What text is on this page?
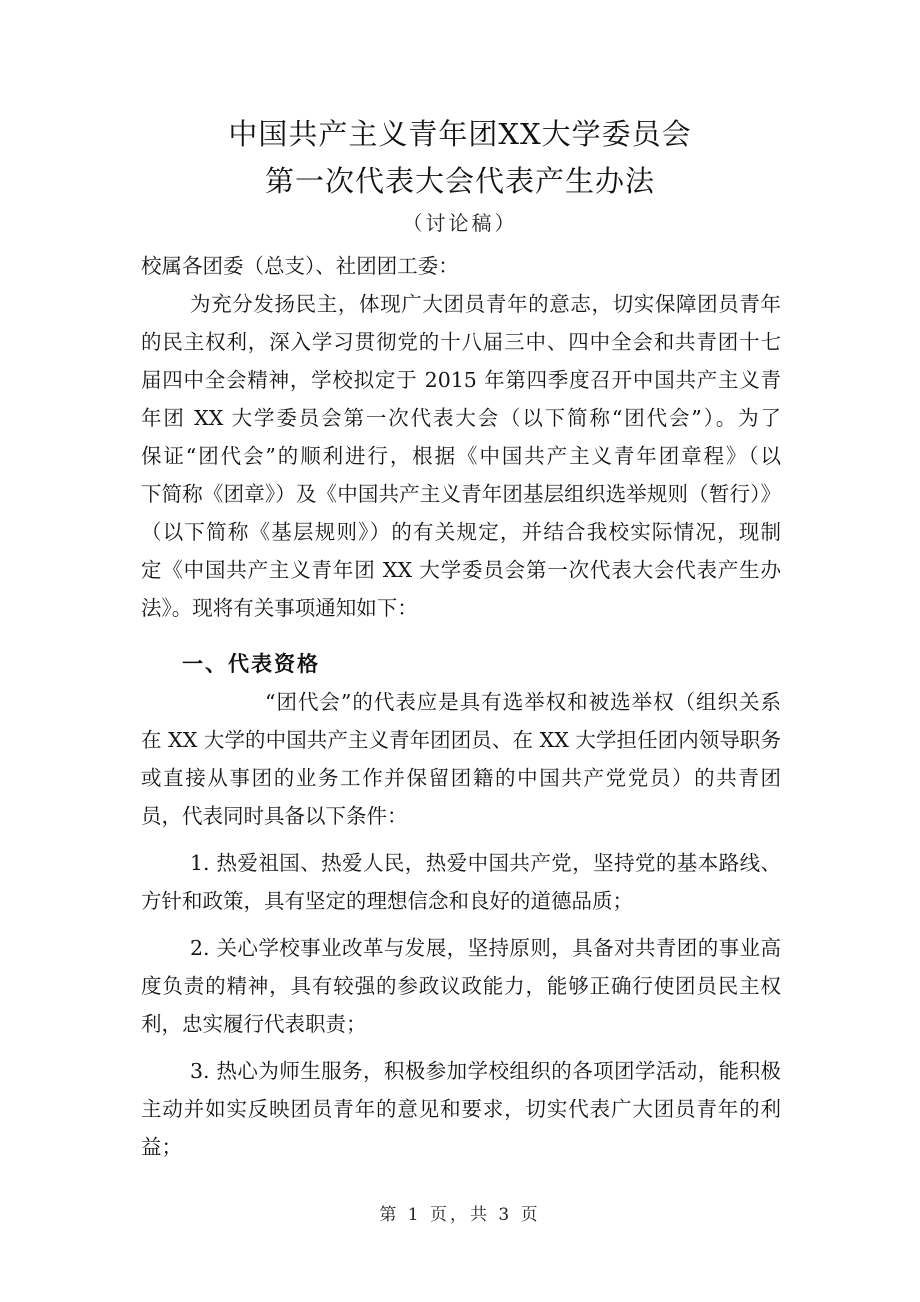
中国共产主义青年团XX大学委员会
第一次代表大会代表产生办法
（讨论稿）
校属各团委（总支）、社团团工委：
为充分发扬民主，体现广大团员青年的意志，切实保障团员青年
的民主权利，深入学习贯彻党的十八届三中、四中全会和共青团十七
届四中全会精神，学校拟定于 2015 年第四季度召开中国共产主义青
年团 XX 大学委员会第一次代表大会（以下简称“团代会”）。为了
保证“团代会”的顺利进行，根据《中国共产主义青年团章程》（以
下简称《团章》）及《中国共产主义青年团基层组织选举规则（暂行）》
（以下简称《基层规则》）的有关规定，并结合我校实际情况，现制
定《中国共产主义青年团 XX 大学委员会第一次代表大会代表产生办
法》。现将有关事项通知如下：
一、代表资格
“团代会”的代表应是具有选举权和被选举权（组织关系
在 XX 大学的中国共产主义青年团团员、在 XX 大学担任团内领导职务
或直接从事团的业务工作并保留团籍的中国共产党党员）的共青团
员，代表同时具备以下条件：
1. 热爱祖国、热爱人民，热爱中国共产党，坚持党的基本路线、
方针和政策，具有坚定的理想信念和良好的道德品质；
2. 关心学校事业改革与发展，坚持原则，具备对共青团的事业高
度负责的精神，具有较强的参政议政能力，能够正确行使团员民主权
利，忠实履行代表职责；
3. 热心为师生服务，积极参加学校组织的各项团学活动，能积极
主动并如实反映团员青年的意见和要求，切实代表广大团员青年的利
益；
第 1 页，共 3 页
